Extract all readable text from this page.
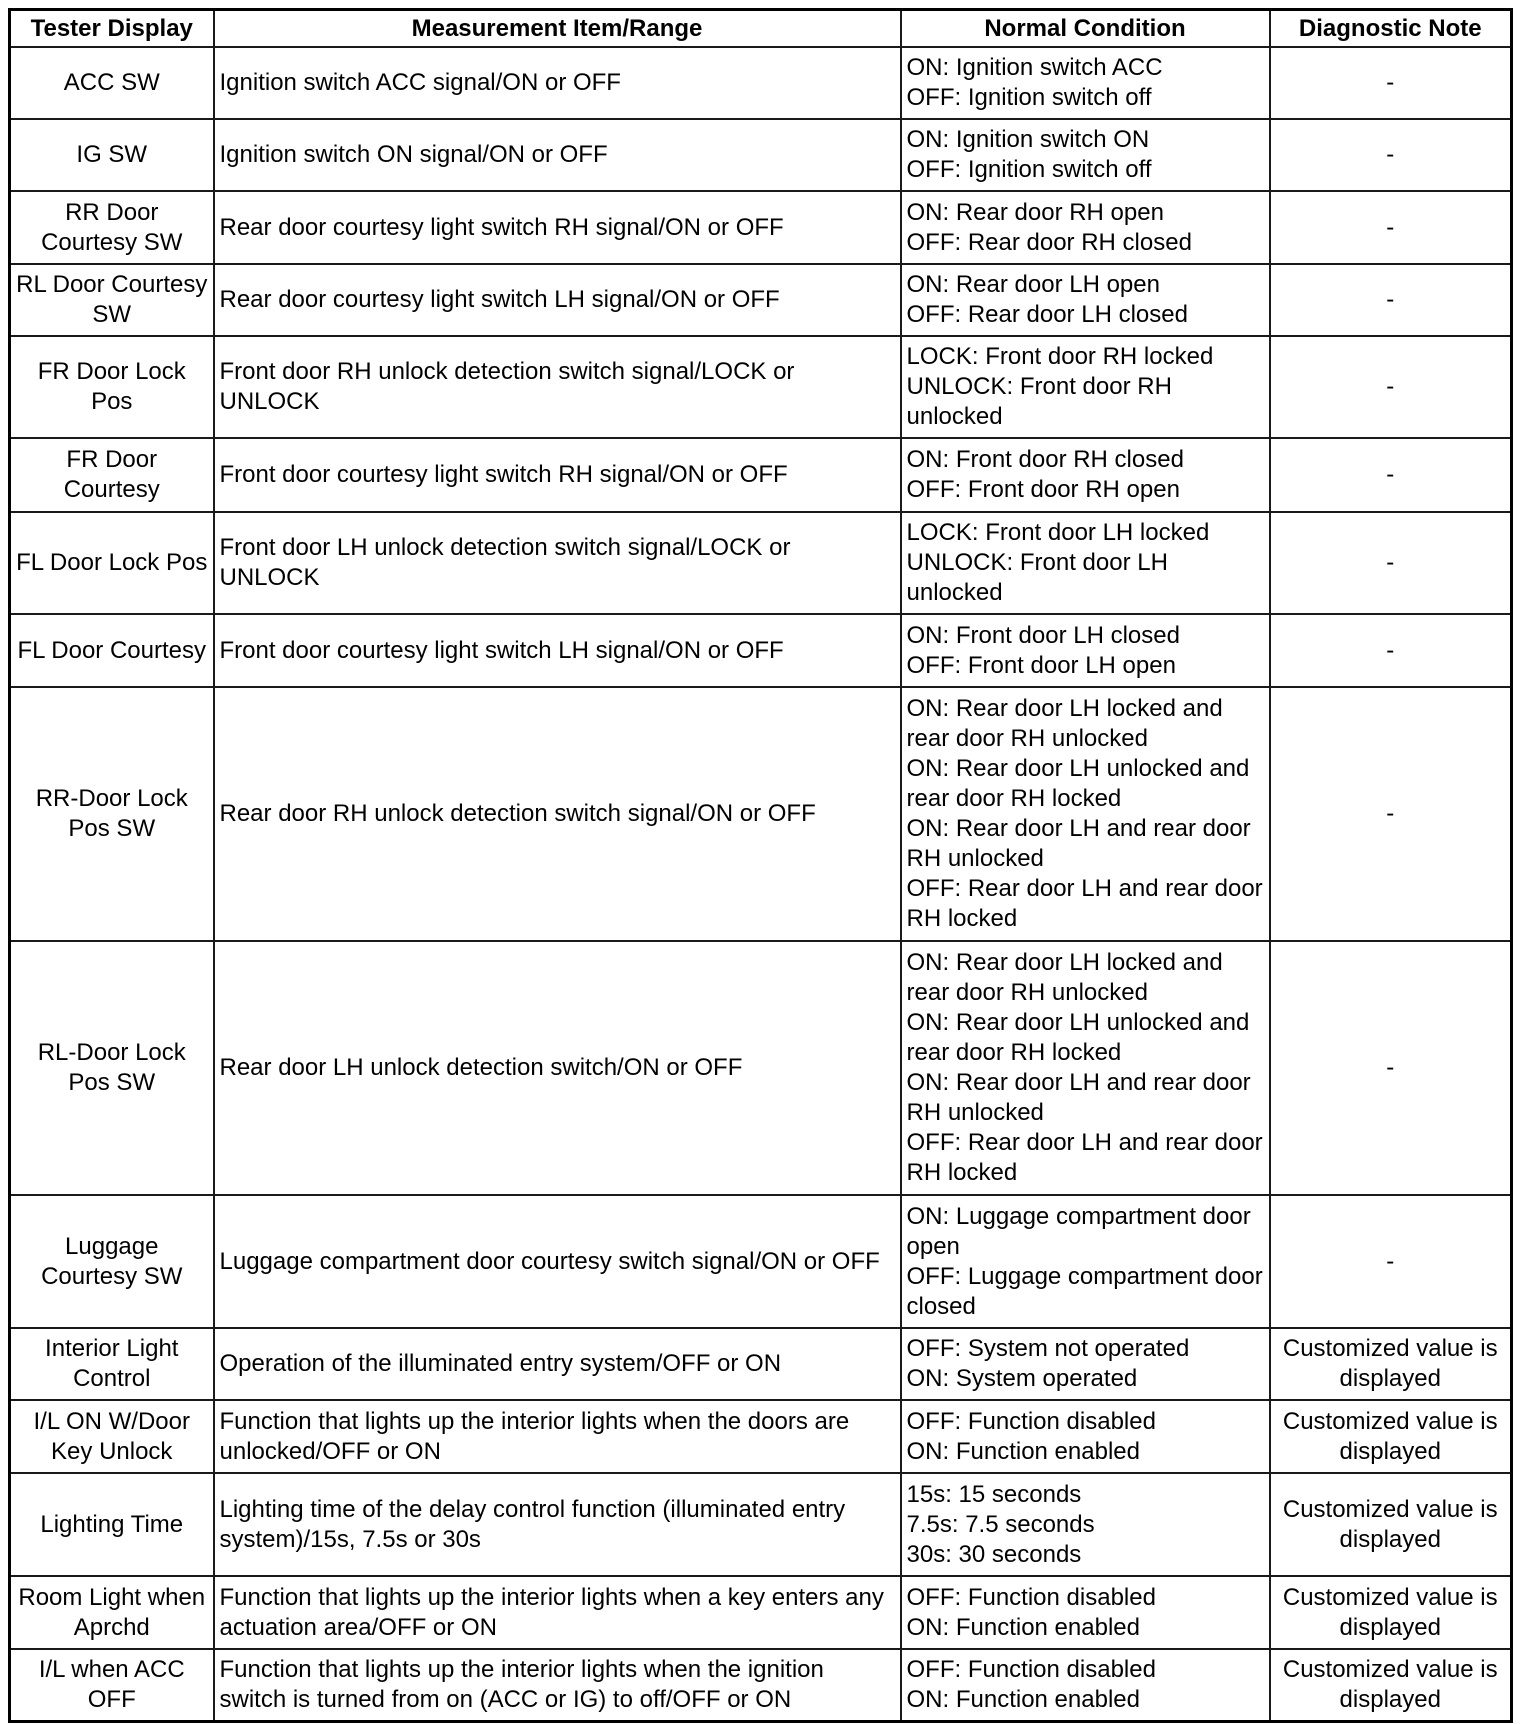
Tester Display	Measurement Item/Range	Normal Condition	Diagnostic Note
ACC SW	Ignition switch ACC signal/ON or OFF	ON: Ignition switch ACC
OFF: Ignition switch off	-
IG SW	Ignition switch ON signal/ON or OFF	ON: Ignition switch ON
OFF: Ignition switch off	-
RR Door Courtesy SW	Rear door courtesy light switch RH signal/ON or OFF	ON: Rear door RH open
OFF: Rear door RH closed	-
RL Door Courtesy SW	Rear door courtesy light switch LH signal/ON or OFF	ON: Rear door LH open
OFF: Rear door LH closed	-
FR Door Lock Pos	Front door RH unlock detection switch signal/LOCK or UNLOCK	LOCK: Front door RH locked
UNLOCK: Front door RH unlocked	-
FR Door Courtesy	Front door courtesy light switch RH signal/ON or OFF	ON: Front door RH closed
OFF: Front door RH open	-
FL Door Lock Pos	Front door LH unlock detection switch signal/LOCK or UNLOCK	LOCK: Front door LH locked
UNLOCK: Front door LH unlocked	-
FL Door Courtesy	Front door courtesy light switch LH signal/ON or OFF	ON: Front door LH closed
OFF: Front door LH open	-
RR-Door Lock Pos SW	Rear door RH unlock detection switch signal/ON or OFF	ON: Rear door LH locked and rear door RH unlocked
ON: Rear door LH unlocked and rear door RH locked
ON: Rear door LH and rear door RH unlocked
OFF: Rear door LH and rear door RH locked	-
RL-Door Lock Pos SW	Rear door LH unlock detection switch/ON or OFF	ON: Rear door LH locked and rear door RH unlocked
ON: Rear door LH unlocked and rear door RH locked
ON: Rear door LH and rear door RH unlocked
OFF: Rear door LH and rear door RH locked	-
Luggage Courtesy SW	Luggage compartment door courtesy switch signal/ON or OFF	ON: Luggage compartment door open
OFF: Luggage compartment door closed	-
Interior Light Control	Operation of the illuminated entry system/OFF or ON	OFF: System not operated
ON: System operated	Customized value is displayed
I/L ON W/Door Key Unlock	Function that lights up the interior lights when the doors are unlocked/OFF or ON	OFF: Function disabled
ON: Function enabled	Customized value is displayed
Lighting Time	Lighting time of the delay control function (illuminated entry system)/15s, 7.5s or 30s	15s: 15 seconds
7.5s: 7.5 seconds
30s: 30 seconds	Customized value is displayed
Room Light when Aprchd	Function that lights up the interior lights when a key enters any actuation area/OFF or ON	OFF: Function disabled
ON: Function enabled	Customized value is displayed
I/L when ACC OFF	Function that lights up the interior lights when the ignition switch is turned from on (ACC or IG) to off/OFF or ON	OFF: Function disabled
ON: Function enabled	Customized value is displayed
